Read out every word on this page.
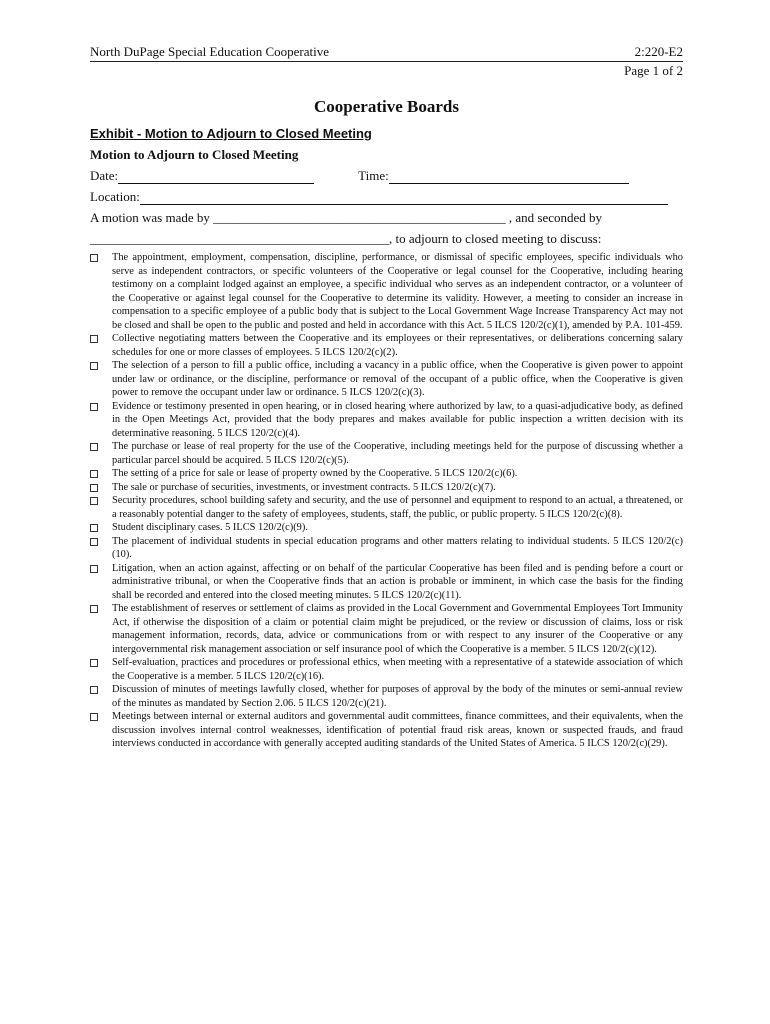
North DuPage Special Education Cooperative	2:220-E2
Page 1 of 2
Cooperative Boards
Exhibit - Motion to Adjourn to Closed Meeting
Motion to Adjourn to Closed Meeting
Date:	Time:
Location:
A motion was made by _____________________________________________ , and seconded by
______________________________________________, to adjourn to closed meeting to discuss:
The appointment, employment, compensation, discipline, performance, or dismissal of specific employees, specific individuals who serve as independent contractors, or specific volunteers of the Cooperative or legal counsel for the Cooperative, including hearing testimony on a complaint lodged against an employee, a specific individual who serves as an independent contractor, or a volunteer of the Cooperative or against legal counsel for the Cooperative to determine its validity. However, a meeting to consider an increase in compensation to a specific employee of a public body that is subject to the Local Government Wage Increase Transparency Act may not be closed and shall be open to the public and posted and held in accordance with this Act. 5 ILCS 120/2(c)(1), amended by P.A. 101-459.
Collective negotiating matters between the Cooperative and its employees or their representatives, or deliberations concerning salary schedules for one or more classes of employees. 5 ILCS 120/2(c)(2).
The selection of a person to fill a public office, including a vacancy in a public office, when the Cooperative is given power to appoint under law or ordinance, or the discipline, performance or removal of the occupant of a public office, when the Cooperative is given power to remove the occupant under law or ordinance. 5 ILCS 120/2(c)(3).
Evidence or testimony presented in open hearing, or in closed hearing where authorized by law, to a quasi-adjudicative body, as defined in the Open Meetings Act, provided that the body prepares and makes available for public inspection a written decision with its determinative reasoning. 5 ILCS 120/2(c)(4).
The purchase or lease of real property for the use of the Cooperative, including meetings held for the purpose of discussing whether a particular parcel should be acquired. 5 ILCS 120/2(c)(5).
The setting of a price for sale or lease of property owned by the Cooperative. 5 ILCS 120/2(c)(6).
The sale or purchase of securities, investments, or investment contracts. 5 ILCS 120/2(c)(7).
Security procedures, school building safety and security, and the use of personnel and equipment to respond to an actual, a threatened, or a reasonably potential danger to the safety of employees, students, staff, the public, or public property. 5 ILCS 120/2(c)(8).
Student disciplinary cases. 5 ILCS 120/2(c)(9).
The placement of individual students in special education programs and other matters relating to individual students. 5 ILCS 120/2(c)(10).
Litigation, when an action against, affecting or on behalf of the particular Cooperative has been filed and is pending before a court or administrative tribunal, or when the Cooperative finds that an action is probable or imminent, in which case the basis for the finding shall be recorded and entered into the closed meeting minutes. 5 ILCS 120/2(c)(11).
The establishment of reserves or settlement of claims as provided in the Local Government and Governmental Employees Tort Immunity Act, if otherwise the disposition of a claim or potential claim might be prejudiced, or the review or discussion of claims, loss or risk management information, records, data, advice or communications from or with respect to any insurer of the Cooperative or any intergovernmental risk management association or self insurance pool of which the Cooperative is a member. 5 ILCS 120/2(c)(12).
Self-evaluation, practices and procedures or professional ethics, when meeting with a representative of a statewide association of which the Cooperative is a member. 5 ILCS 120/2(c)(16).
Discussion of minutes of meetings lawfully closed, whether for purposes of approval by the body of the minutes or semi-annual review of the minutes as mandated by Section 2.06. 5 ILCS 120/2(c)(21).
Meetings between internal or external auditors and governmental audit committees, finance committees, and their equivalents, when the discussion involves internal control weaknesses, identification of potential fraud risk areas, known or suspected frauds, and fraud interviews conducted in accordance with generally accepted auditing standards of the United States of America. 5 ILCS 120/2(c)(29).
